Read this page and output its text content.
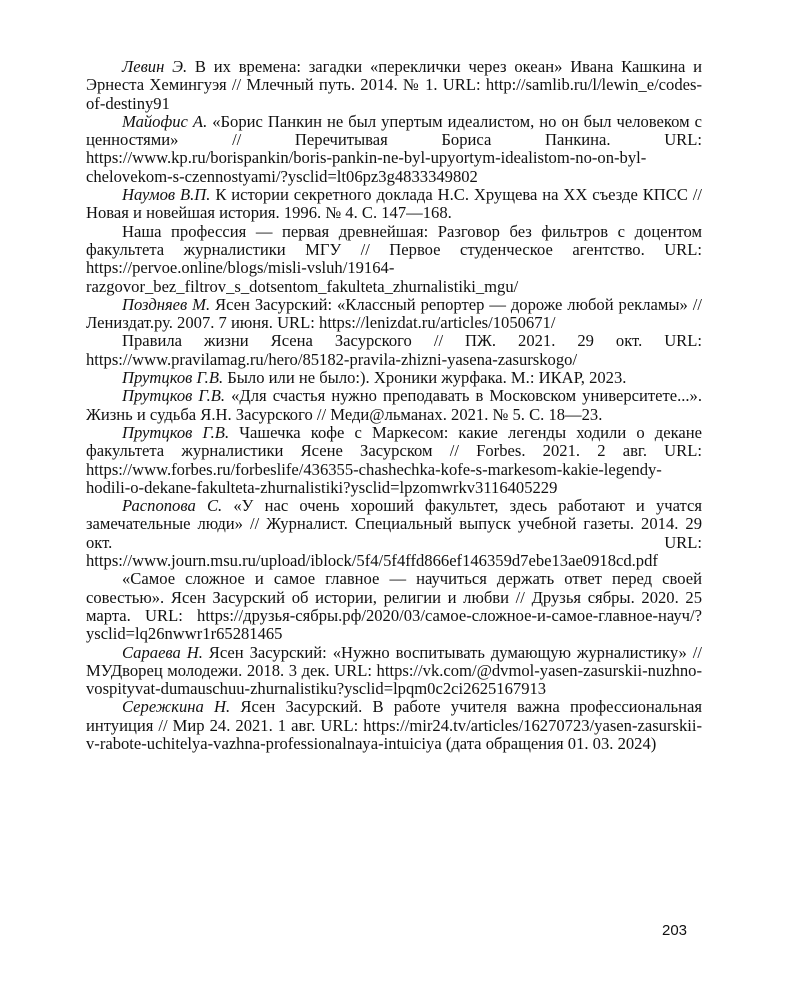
Левин Э. В их времена: загадки «переклички через океан» Ивана Кашкина и Эрнеста Хемингуэя // Млечный путь. 2014. № 1. URL: http://samlib.ru/l/lewin_e/codes-of-destiny91

Майофис А. «Борис Панкин не был упертым идеалистом, но он был человеком с ценностями» // Перечитывая Бориса Панкина. URL: https://www.kp.ru/borispankin/boris-pankin-ne-byl-upyortym-idealistom-no-on-byl-chelovekom-s-czennostyami/?ysclid=lt06pz3g4833349802

Наумов В.П. К истории секретного доклада Н.С. Хрущева на XX съезде КПСС // Новая и новейшая история. 1996. № 4. С. 147—168.

Наша профессия — первая древнейшая: Разговор без фильтров с доцентом факультета журналистики МГУ // Первое студенческое агентство. URL: https://pervoe.online/blogs/misli-vsluh/19164-razgovor_bez_filtrov_s_dotsentom_fakulteta_zhurnalistiki_mgu/

Поздняев М. Ясен Засурский: «Классный репортер — дороже любой рекламы» // Лениздат.ру. 2007. 7 июня. URL: https://lenizdat.ru/articles/1050671/

Правила жизни Ясена Засурского // ПЖ. 2021. 29 окт. URL: https://www.pravilamag.ru/hero/85182-pravila-zhizni-yasena-zasurskogo/

Прутцков Г.В. Было или не было:). Хроники журфака. М.: ИКАР, 2023.

Прутцков Г.В. «Для счастья нужно преподавать в Московском университете...». Жизнь и судьба Я.Н. Засурского // Меди@льманах. 2021. № 5. С. 18—23.

Прутцков Г.В. Чашечка кофе с Маркесом: какие легенды ходили о декане факультета журналистики Ясене Засурском // Forbes. 2021. 2 авг. URL: https://www.forbes.ru/forbeslife/436355-chashechka-kofe-s-markesom-kakie-legendy-hodili-o-dekane-fakulteta-zhurnalistiki?ysclid=lpzomwrkv3116405229

Распопова С. «У нас очень хороший факультет, здесь работают и учатся замечательные люди» // Журналист. Специальный выпуск учебной газеты. 2014. 29 окт. URL: https://www.journ.msu.ru/upload/iblock/5f4/5f4ffd866ef146359d7ebe13ae0918cd.pdf

«Самое сложное и самое главное — научиться держать ответ перед своей совестью». Ясен Засурский об истории, религии и любви // Друзья сябры. 2020. 25 марта. URL: https://друзья-сябры.рф/2020/03/самое-сложное-и-самое-главное-науч/?ysclid=lq26nwwr1r65281465

Сараева Н. Ясен Засурский: «Нужно воспитывать думающую журналистику» // МУДворец молодежи. 2018. 3 дек. URL: https://vk.com/@dvmol-yasen-zasurskii-nuzhno-vospityvat-dumauschuu-zhurnalistiku?ysclid=lpqm0c2ci2625167913

Сережкина Н. Ясен Засурский. В работе учителя важна профессиональная интуиция // Мир 24. 2021. 1 авг. URL: https://mir24.tv/articles/16270723/yasen-zasurskii-v-rabote-uchitelya-vazhna-professionalnaya-intuiciya (дата обращения 01. 03. 2024)

203
